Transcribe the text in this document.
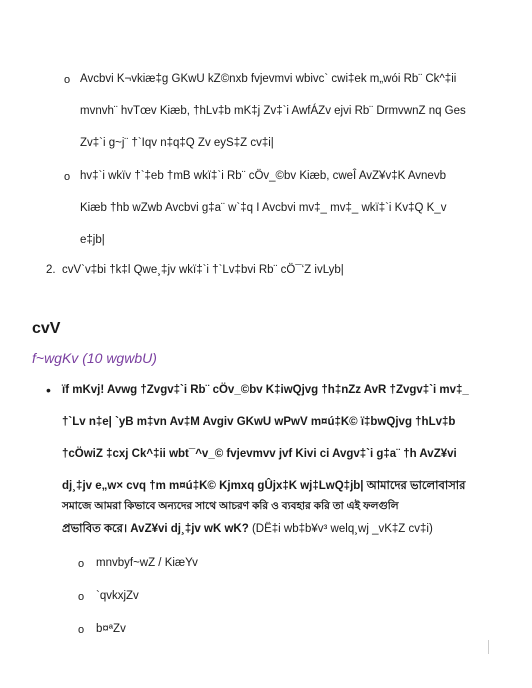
o Avcbvi K¬vkiæ‡g GKwU kZ©nxb fvjevmvi wbivc` cwi‡ek m„wói Rb¨ Ck^‡ii
mvnvh¨ hvTœv Kiæb, †hLv‡b mK‡j Zv‡`i AwfÁZv ejvi Rb¨ DrmvwnZ nq Ges
Zv‡`i g~j¨ †`Iqv n‡q‡Q Zv eyS‡Z cv‡i|
o hv‡`i wkïv †`‡eb †mB wkï‡`i Rb¨ cÖv_©bv Kiæb, cweÎ AvZ¥v‡K Avnevb
Kiæb †hb wZwb Avcbvi g‡a¨ w`‡q I Avcbvi mv‡_ mv‡_ wkï‡`i Kv‡Q K_v
e‡jb|
2. cvV`v‡bi †k‡l Qwe¸‡jv wkï‡`i †`Lv‡bvi Rb¨ cÖ¯‘Z ivLyb|
cvV
f~wgKv (10 wgwbU)
• ïf mKvj! Avwg †Zvgv‡`i Rb¨ cÖv_©bv K‡iwQjvg †h‡nZz AvR †Zvgv‡`i mv‡_
†`Lv n‡e| `yB m‡vn Av‡M Avgiv GKwU wPwV m¤ú‡K© ï‡bwQjvg †hLv‡b
†cÖwiZ ‡cxj Ck^‡ii wbt¯^v_© fvjevmvv jvf Kivi ci Avgv‡`i g‡a¨ †h AvZ¥vi
dj¸‡jv e„w× cvq †m m¤ú‡K© Kjmxq gÛjx‡K wj‡LwQ‡jb| আমাদের ভালোবাসার
সমাজে আমরা কিভাবে অন্যদের সাথে আচরণ করি ও ব্যবহার করি তা এই ফলগুলি
প্রভাবিত করে। AvZ¥vi dj¸‡jv wK wK? (DË‡i wb‡b¥v³ welq¸wj _vK‡Z cv‡i)
o mnvbyf~wZ / KiæYv
o `qvkxjZv
o b¤ªZv
